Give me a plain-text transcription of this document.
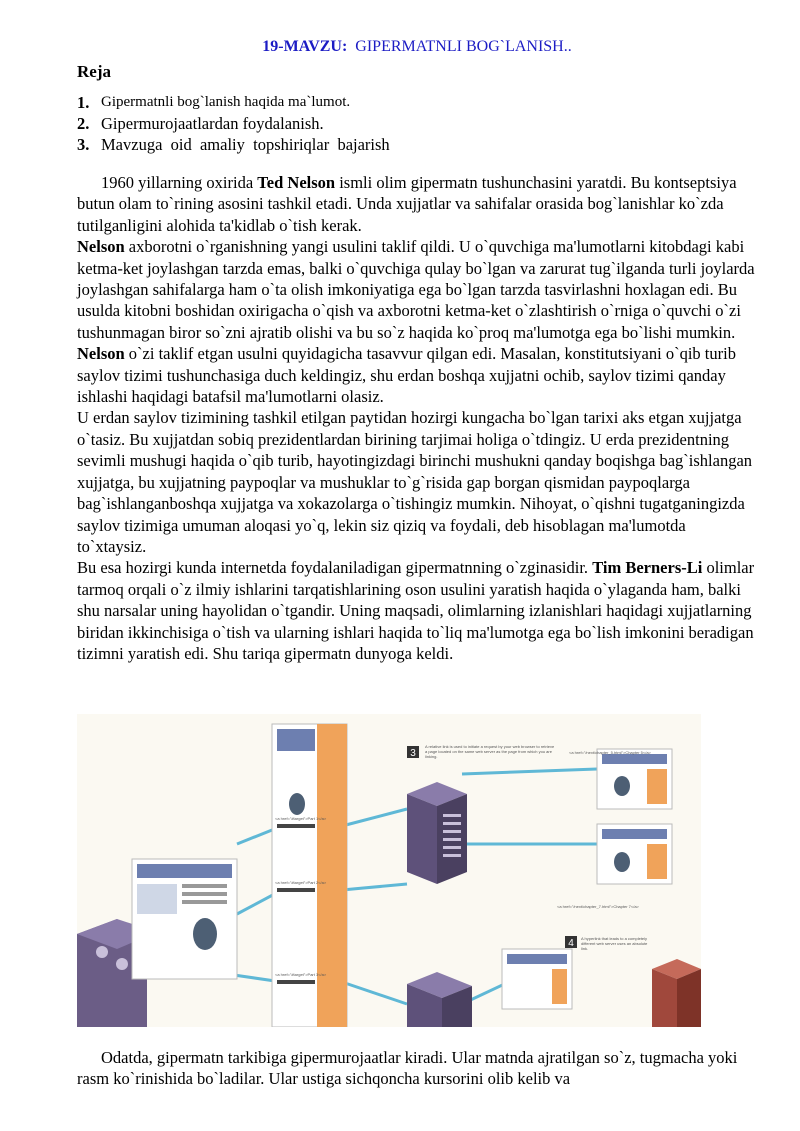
19-MAVZU: GIPERMATNLI BOG`LANISH..
Reja
1. Gipermatnli bog`lanish haqida ma`lumot.
2. Gipermurojaatlardan foydalanish.
3. Mavzuga  oid  amaliy  topshiriqlar  bajarish

1960 yillarning oxirida Ted Nelson ismli olim gipermatn tushunchasini yaratdi. Bu kontseptsiya butun olam to`rining asosini tashkil etadi. Unda xujjatlar va sahifalar orasida bog`lanishlar ko`zda tutilganligini alohida ta'kidlab o`tish kerak.

Nelson axborotni o`rganishning yangi usulini taklif qildi. U o`quvchiga ma'lumotlarni kitobdagi kabi ketma-ket joylashgan tarzda emas, balki o`quvchiga qulay bo`lgan va zarurat tug`ilganda turli joylarda joylashgan sahifalarga ham o`ta olish imkoniyatiga ega bo`lgan tarzda tasvirlashni hoxlagan edi. Bu usulda kitobni boshidan oxirigacha o`qish va axborotni ketma-ket o`zlashtirish o`rniga o`quvchi o`zi tushunmagan biror so`zni ajratib olishi va bu so`z haqida ko`proq ma'lumotga ega bo`lishi mumkin.

Nelson o`zi taklif etgan usulni quyidagicha tasavvur qilgan edi. Masalan, konstitutsiyani o`qib turib saylov tizimi tushunchasiga duch keldingiz, shu erdan boshqa xujjatni ochib, saylov tizimi qanday ishlashi haqidagi batafsil ma'lumotlarni olasiz.

U erdan saylov tizimining tashkil etilgan paytidan hozirgi kungacha bo`lgan tarixi aks etgan xujjatga o`tasiz. Bu xujjatdan sobiq prezidentlardan birining tarjimai holiga o`tdingiz. U erda prezidentning sevimli mushugi haqida o`qib turib, hayotingizdagi birinchi mushukni qanday boqishga bag`ishlangan xujjatga, bu xujjatning paypoqlar va mushuklar to`g`risida gap borgan qismidan paypoqlarga bag`ishlanganboshqa xujjatga va xokazolarga o`tishingiz mumkin. Nihoyat, o`qishni tugatganingizda saylov tizimiga umuman aloqasi yo`q, lekin siz qiziq va foydali, deb hisoblagan ma'lumotda to`xtaysiz.

Bu esa hozirgi kunda internetda foydalaniladigan gipermatnning o`zginasidir. Tim Berners-Li olimlar tarmoq orqali o`z ilmiy ishlarini tarqatishlarining oson usulini yaratish haqida o`ylaganda ham, balki shu narsalar uning hayolidan o`tgandir. Uning maqsadi, olimlarning izlanishlari haqidagi xujjatlarning biridan ikkinchisiga o`tish va ularning ishlari haqida to`liq ma'lumotga ega bo`lish imkonini beradigan tizimni yaratish edi. Shu tariqa gipermatn dunyoga keldi.

3
4
<a href="#target">Part 1</a>
<a href="#target">Part 2</a>
<a href="#target">Part 3</a>
<a href="/next/chapter_5.html">Chapter 5</a>
<a href="/next/chapter_7.html">Chapter 7</a>
A relative link is used to initiate a request by your web browser to retrieve a page located on the same web server as the page from which you are linking.
A hyperlink that leads to a completely different web server uses an absolute link.

Odatda, gipermatn tarkibiga gipermurojaatlar kiradi. Ular matnda ajratilgan so`z, tugmacha yoki rasm ko`rinishida bo`ladilar. Ular ustiga sichqoncha kursorini olib kelib va
